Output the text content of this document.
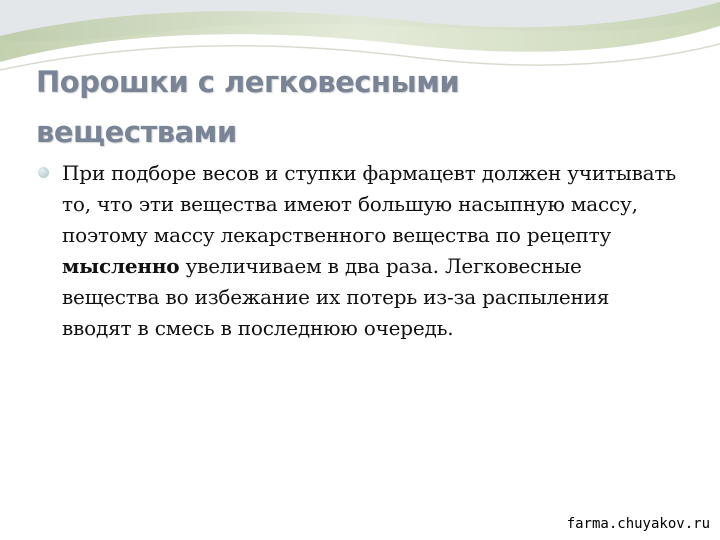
Порошки с легковесными
веществами

При подборе весов и ступки фармацевт должен учитывать то, что эти вещества имеют большую насыпную массу, поэтому массу лекарственного вещества по рецепту мысленно увеличиваем в два раза. Легковесные вещества во избежание их потерь из-за распыления вводят в смесь в последнюю очередь.

farma.chuyakov.ru
